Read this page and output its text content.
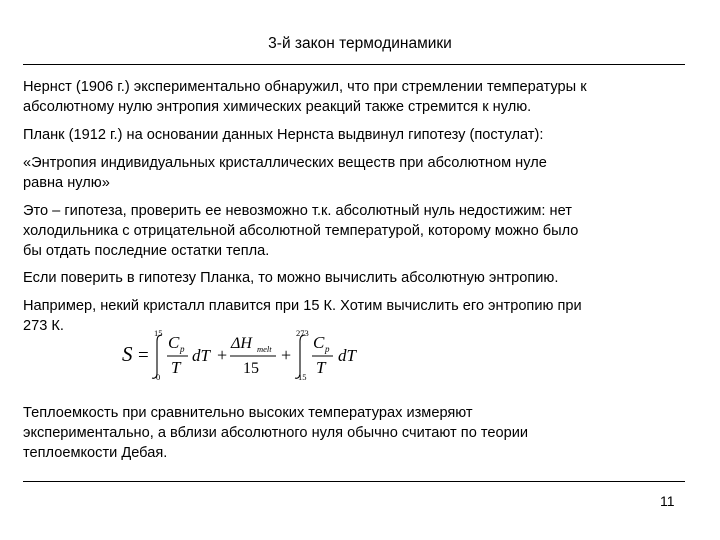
3-й закон термодинамики
Нернст (1906 г.) экспериментально обнаружил, что при стремлении температуры к
абсолютному нулю энтропия химических реакций также стремится к нулю.
Планк (1912 г.) на основании данных Нернста выдвинул гипотезу (постулат):
«Энтропия индивидуальных кристаллических веществ при абсолютном нуле
равна нулю»
Это – гипотеза, проверить ее невозможно т.к. абсолютный нуль недостижим: нет
холодильника с отрицательной абсолютной температурой, которому можно было
бы отдать последние остатки тепла.
Если поверить в гипотезу Планка, то можно вычислить абсолютную энтропию.
Например, некий кристалл плавится при 15 К. Хотим вычислить его энтропию при
273 К.
S =
15
0
C p
T
dT +
ΔH melt
15
+
273
15
C p
T
dT
Теплоемкость при сравнительно высоких температурах измеряют
экспериментально, а вблизи абсолютного нуля обычно считают по теории
теплоемкости Дебая.
11
